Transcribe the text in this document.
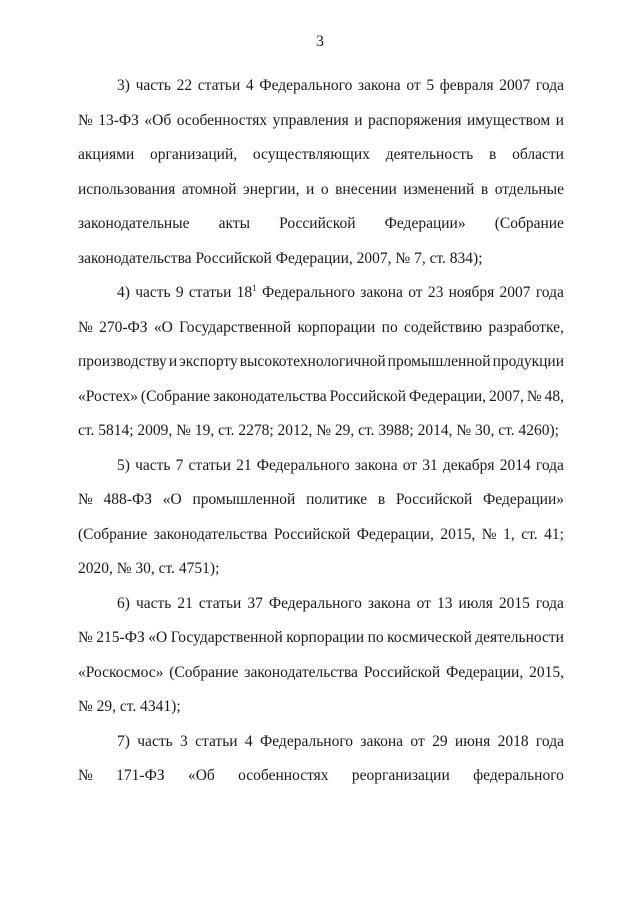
3
3) часть 22 статьи 4 Федерального закона от 5 февраля 2007 года
№ 13-ФЗ «Об особенностях управления и распоряжения имуществом и
акциями организаций, осуществляющих деятельность в области
использования атомной энергии, и о внесении изменений в отдельные
законодательные акты Российской Федерации» (Собрание
законодательства Российской Федерации, 2007, № 7, ст. 834);
4) часть 9 статьи $18^1$ Федерального закона от 23 ноября 2007 года
№ 270-ФЗ «О Государственной корпорации по содействию разработке,
производству и экспорту высокотехнологичной промышленной продукции
«Ростех» (Собрание законодательства Российской Федерации, 2007, № 48,
ст. 5814; 2009, № 19, ст. 2278; 2012, № 29, ст. 3988; 2014, № 30, ст. 4260);
5) часть 7 статьи 21 Федерального закона от 31 декабря 2014 года
№ 488-ФЗ «О промышленной политике в Российской Федерации»
(Собрание законодательства Российской Федерации, 2015, № 1, ст. 41;
2020, № 30, ст. 4751);
6) часть 21 статьи 37 Федерального закона от 13 июля 2015 года
№ 215-ФЗ «О Государственной корпорации по космической деятельности
«Роскосмос» (Собрание законодательства Российской Федерации, 2015,
№ 29, ст. 4341);
7) часть 3 статьи 4 Федерального закона от 29 июня 2018 года
№ 171-ФЗ «Об особенностях реорганизации федерального
